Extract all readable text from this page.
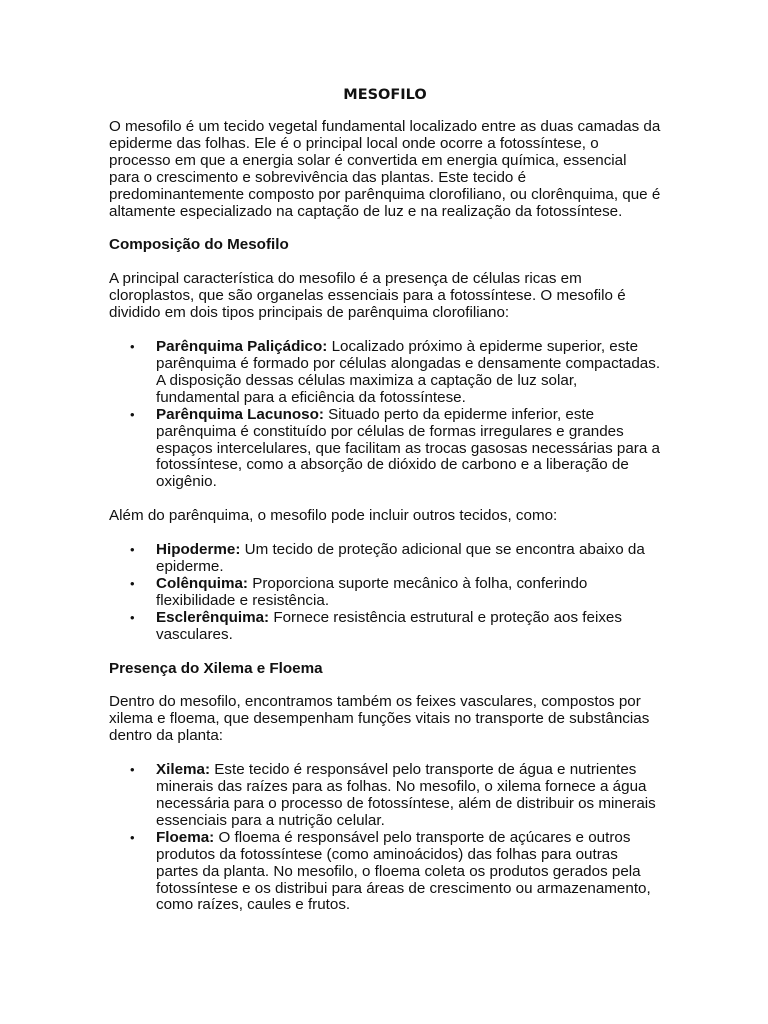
MESOFILO

O mesofilo é um tecido vegetal fundamental localizado entre as duas camadas da epiderme das folhas. Ele é o principal local onde ocorre a fotossíntese, o processo em que a energia solar é convertida em energia química, essencial para o crescimento e sobrevivência das plantas. Este tecido é predominantemente composto por parênquima clorofiliano, ou clorênquima, que é altamente especializado na captação de luz e na realização da fotossíntese.

Composição do Mesofilo

A principal característica do mesofilo é a presença de células ricas em cloroplastos, que são organelas essenciais para a fotossíntese. O mesofilo é dividido em dois tipos principais de parênquima clorofiliano:

• Parênquima Paliçádico: Localizado próximo à epiderme superior, este parênquima é formado por células alongadas e densamente compactadas. A disposição dessas células maximiza a captação de luz solar, fundamental para a eficiência da fotossíntese.
• Parênquima Lacunoso: Situado perto da epiderme inferior, este parênquima é constituído por células de formas irregulares e grandes espaços intercelulares, que facilitam as trocas gasosas necessárias para a fotossíntese, como a absorção de dióxido de carbono e a liberação de oxigênio.

Além do parênquima, o mesofilo pode incluir outros tecidos, como:

• Hipoderme: Um tecido de proteção adicional que se encontra abaixo da epiderme.
• Colênquima: Proporciona suporte mecânico à folha, conferindo flexibilidade e resistência.
• Esclerênquima: Fornece resistência estrutural e proteção aos feixes vasculares.
Presença do Xilema e Floema

Dentro do mesofilo, encontramos também os feixes vasculares, compostos por xilema e floema, que desempenham funções vitais no transporte de substâncias dentro da planta:

• Xilema: Este tecido é responsável pelo transporte de água e nutrientes minerais das raízes para as folhas. No mesofilo, o xilema fornece a água necessária para o processo de fotossíntese, além de distribuir os minerais essenciais para a nutrição celular.
• Floema: O floema é responsável pelo transporte de açúcares e outros produtos da fotossíntese (como aminoácidos) das folhas para outras partes da planta. No mesofilo, o floema coleta os produtos gerados pela fotossíntese e os distribui para áreas de crescimento ou armazenamento, como raízes, caules e frutos.
